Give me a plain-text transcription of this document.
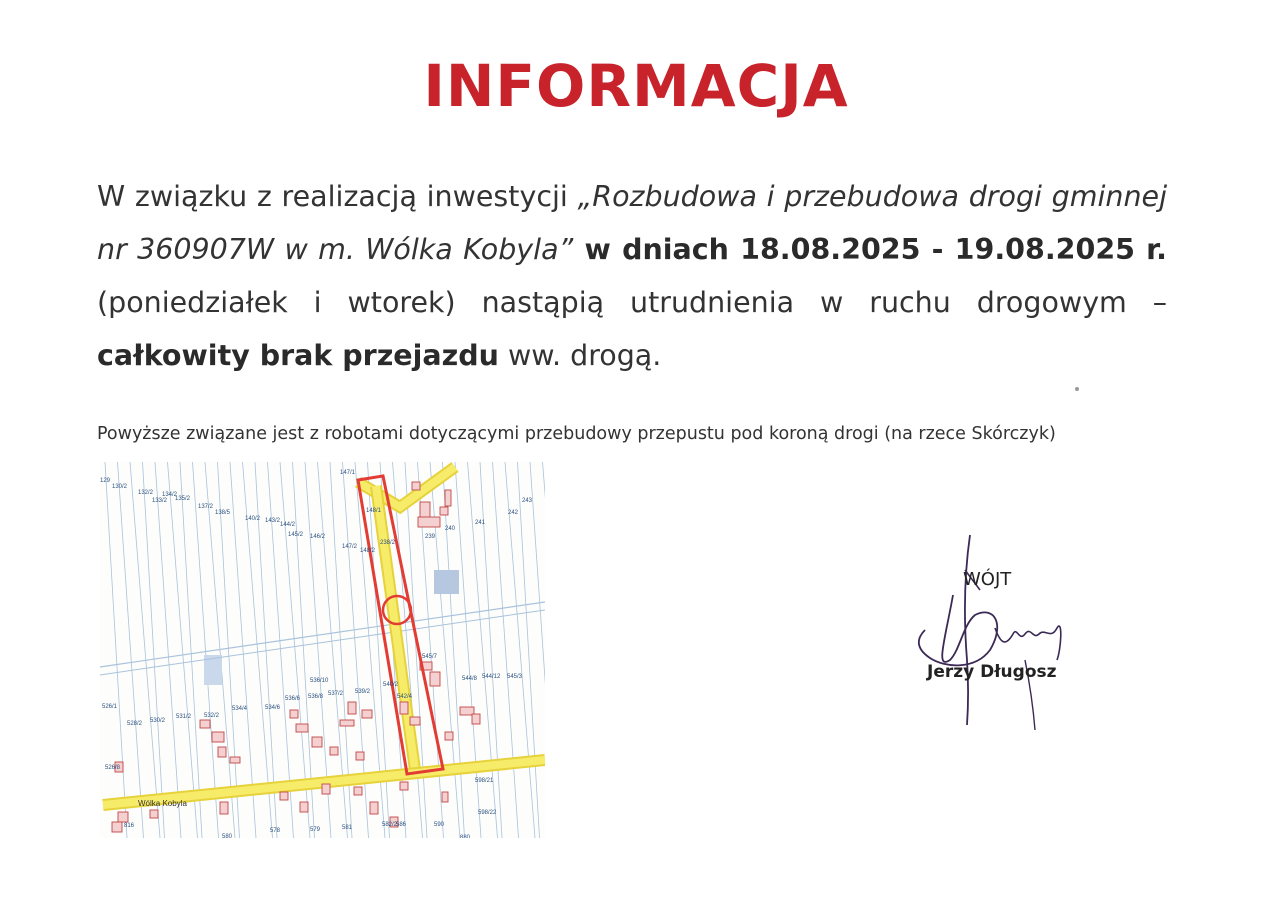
INFORMACJA
W związku z realizacją inwestycji „Rozbudowa i przebudowa drogi gminnej nr 360907W w m. Wólka Kobyla” w dniach 18.08.2025 - 19.08.2025 r. (poniedziałek i wtorek) nastąpią utrudnienia w ruchu drogowym – całkowity brak przejazdu ww. drogą.
Powyższe związane jest z robotami dotyczącymi przebudowy przepustu pod koroną drogi (na rzece Skórczyk)
129
130/2
132/2 134/2
133/2 135/2
137/2
138/5
140/2 143/2
144/2
145/2 146/2
147/2
148/2
147/1
148/1
238/2
239
240
241
242
243
545/7
544/8 544/12 545/3
536/10
536/6 536/8 537/2 539/2
540/2
542/4
534/6
534/4
532/2
531/2
530/2
528/2
526/1
526/8
598/21
598/22
816
579
578
580
581	582/2
586	590
880
Wólka Kobyla
WÓJT
Jerzy Długosz
